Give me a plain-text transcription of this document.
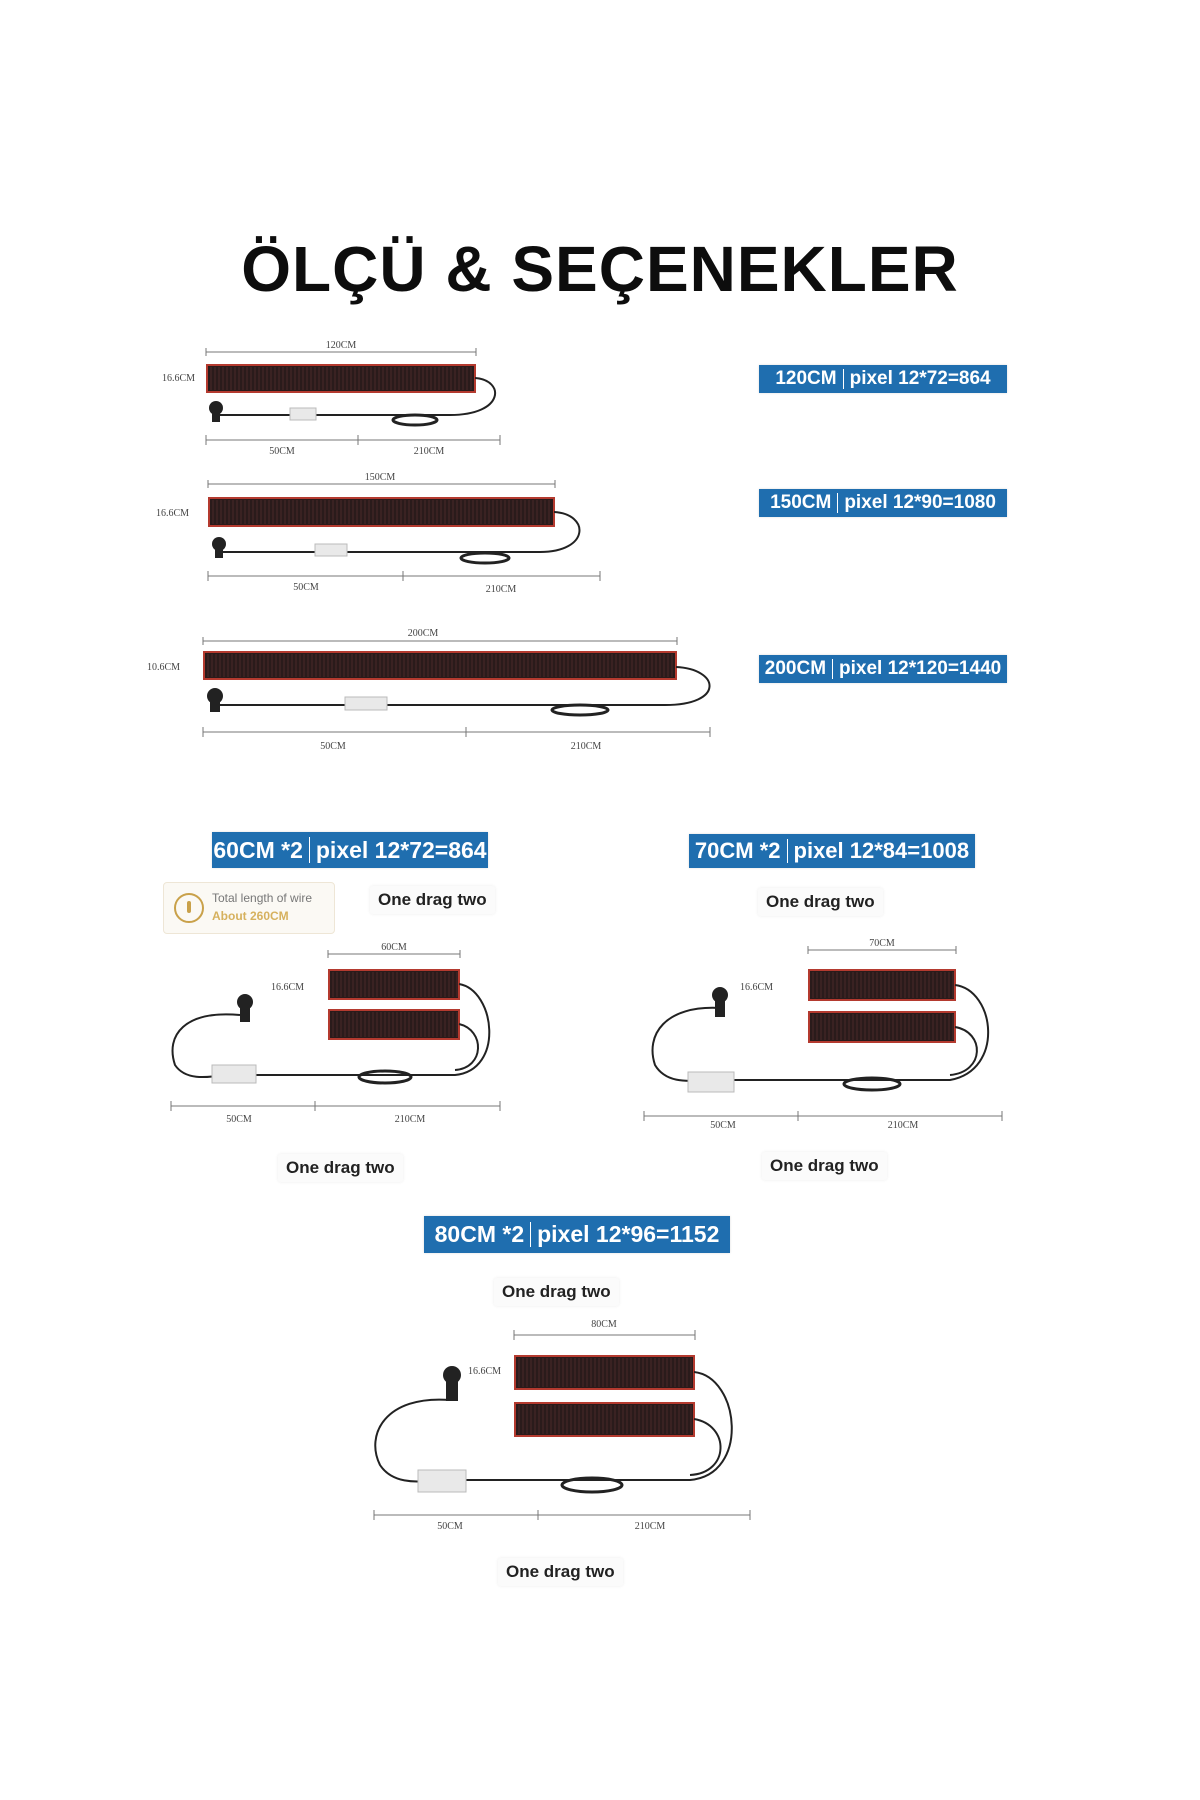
ÖLÇÜ & SEÇENEKLER
120CM pixel 12*72=864
150CM pixel 12*90=1080
200CM pixel 12*120=1440
60CM *2 pixel 12*72=864	70CM *2 pixel 12*84=1008
80CM *2 pixel 12*96=1152
One drag two
One drag two
One drag two
One drag two
One drag two
One drag two
Total length of wire
About 260CM
120CM
16.6CM
50CM	210CM
150CM
16.6CM
50CM	210CM
200CM
10.6CM
50CM	210CM
60CM
16.6CM
50CM	210CM
70CM
16.6CM
50CM	210CM
80CM
16.6CM
50CM	210CM
